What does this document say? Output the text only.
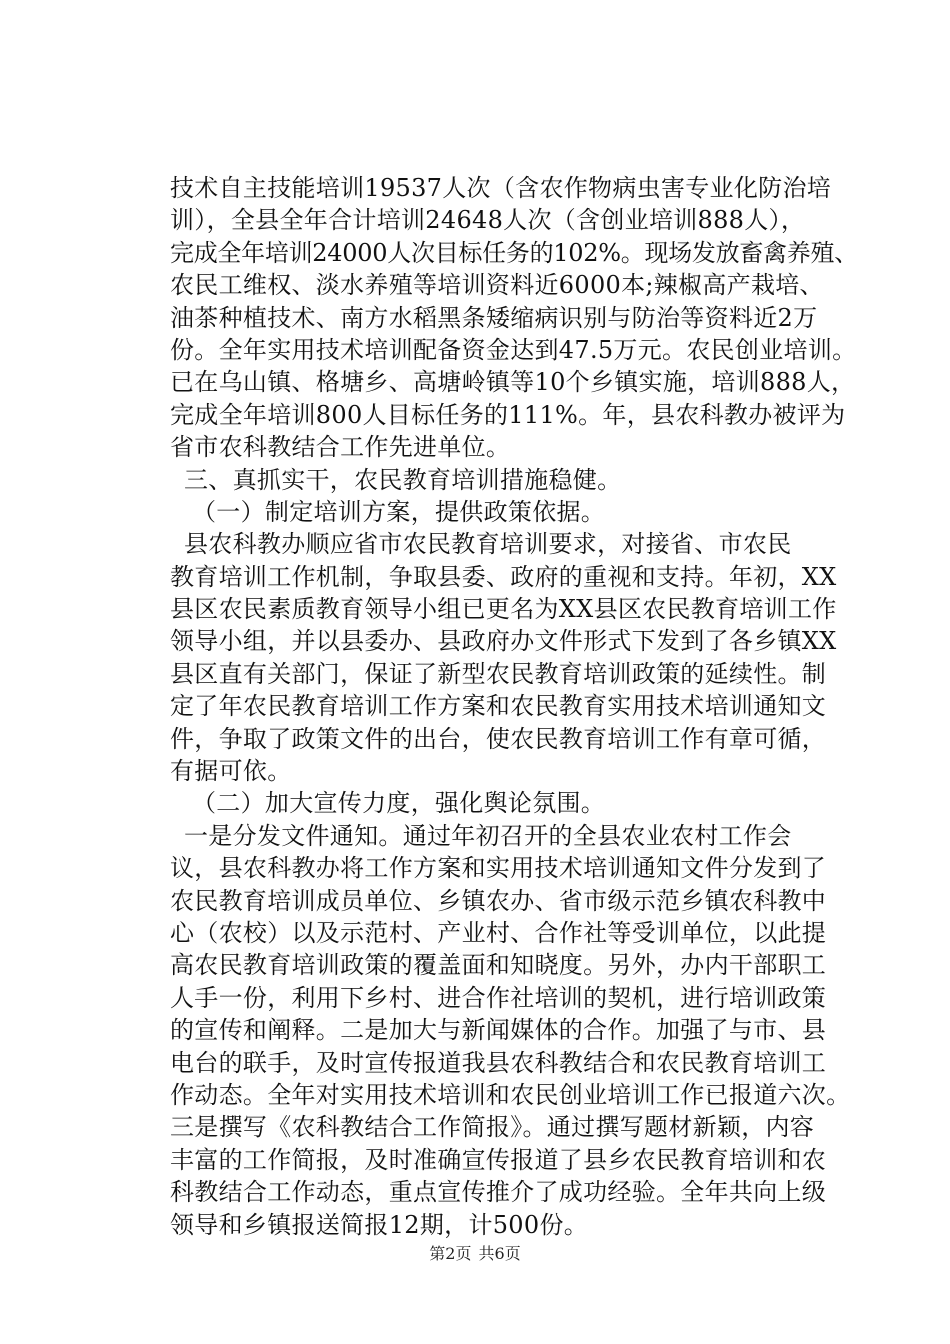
技术自主技能培训19537人次（含农作物病虫害专业化防治培
训），全县全年合计培训24648人次（含创业培训888人），
完成全年培训24000人次目标任务的102%。现场发放畜禽养殖、
农民工维权、淡水养殖等培训资料近6000本;辣椒高产栽培、
油茶种植技术、南方水稻黑条矮缩病识别与防治等资料近2万
份。全年实用技术培训配备资金达到47.5万元。农民创业培训。
已在乌山镇、格塘乡、高塘岭镇等10个乡镇实施，培训888人，
完成全年培训800人目标任务的111%。年，县农科教办被评为
省市农科教结合工作先进单位。
三、真抓实干，农民教育培训措施稳健。
（一）制定培训方案，提供政策依据。
县农科教办顺应省市农民教育培训要求，对接省、市农民
教育培训工作机制，争取县委、政府的重视和支持。年初，XX
县区农民素质教育领导小组已更名为XX县区农民教育培训工作
领导小组，并以县委办、县政府办文件形式下发到了各乡镇XX
县区直有关部门，保证了新型农民教育培训政策的延续性。制
定了年农民教育培训工作方案和农民教育实用技术培训通知文
件，争取了政策文件的出台，使农民教育培训工作有章可循，
有据可依。
（二）加大宣传力度，强化舆论氛围。
一是分发文件通知。通过年初召开的全县农业农村工作会
议，县农科教办将工作方案和实用技术培训通知文件分发到了
农民教育培训成员单位、乡镇农办、省市级示范乡镇农科教中
心（农校）以及示范村、产业村、合作社等受训单位，以此提
高农民教育培训政策的覆盖面和知晓度。另外，办内干部职工
人手一份，利用下乡村、进合作社培训的契机，进行培训政策
的宣传和阐释。二是加大与新闻媒体的合作。加强了与市、县
电台的联手，及时宣传报道我县农科教结合和农民教育培训工
作动态。全年对实用技术培训和农民创业培训工作已报道六次。
三是撰写《农科教结合工作简报》。通过撰写题材新颖，内容
丰富的工作简报，及时准确宣传报道了县乡农民教育培训和农
科教结合工作动态，重点宣传推介了成功经验。全年共向上级
领导和乡镇报送简报12期，计500份。
第2页 共6页
